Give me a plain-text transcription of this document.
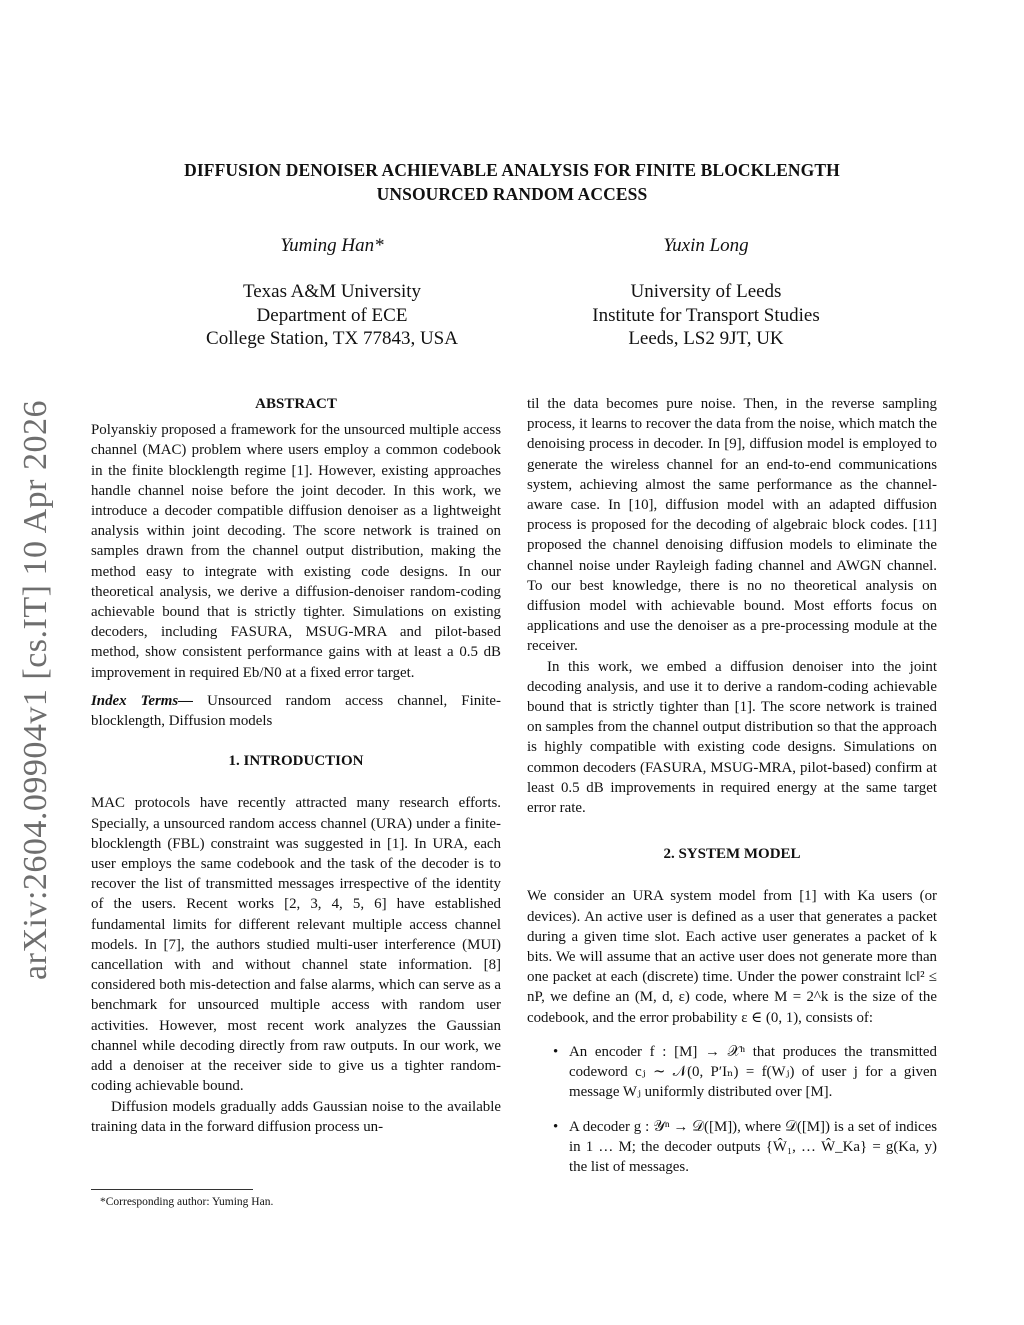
arXiv:2604.09904v1 [cs.IT] 10 Apr 2026
DIFFUSION DENOISER ACHIEVABLE ANALYSIS FOR FINITE BLOCKLENGTH
UNSOURCED RANDOM ACCESS
Yuming Han*
Texas A&M University
Department of ECE
College Station, TX 77843, USA
Yuxin Long
University of Leeds
Institute for Transport Studies
Leeds, LS2 9JT, UK
ABSTRACT

Polyanskiy proposed a framework for the unsourced multiple access channel (MAC) problem where users employ a common codebook in the finite blocklength regime [1]. However, existing approaches handle channel noise before the joint decoder. In this work, we introduce a decoder compatible diffusion denoiser as a lightweight analysis within joint decoding. The score network is trained on samples drawn from the channel output distribution, making the method easy to integrate with existing code designs. In our theoretical analysis, we derive a diffusion-denoiser random-coding achievable bound that is strictly tighter. Simulations on existing decoders, including FASURA, MSUG-MRA and pilot-based method, show consistent performance gains with at least a 0.5 dB improvement in required Eb/N0 at a fixed error target.

Index Terms— Unsourced random access channel, Finite-blocklength, Diffusion models

1. INTRODUCTION

MAC protocols have recently attracted many research efforts. Specially, a unsourced random access channel (URA) under a finite-blocklength (FBL) constraint was suggested in [1]. In URA, each user employs the same codebook and the task of the decoder is to recover the list of transmitted messages irrespective of the identity of the users. Recent works [2, 3, 4, 5, 6] have established fundamental limits for different relevant multiple access channel models. In [7], the authors studied multi-user interference (MUI) cancellation with and without channel state information. [8] considered both mis-detection and false alarms, which can serve as a benchmark for unsourced multiple access with random user activities. However, most recent work analyzes the Gaussian channel while decoding directly from raw outputs. In our work, we add a denoiser at the receiver side to give us a tighter random-coding achievable bound.

Diffusion models gradually adds Gaussian noise to the available training data in the forward diffusion process un-

til the data becomes pure noise. Then, in the reverse sampling process, it learns to recover the data from the noise, which match the denoising process in decoder. In [9], diffusion model is employed to generate the wireless channel for an end-to-end communications system, achieving almost the same performance as the channel-aware case. In [10], diffusion model with an adapted diffusion process is proposed for the decoding of algebraic block codes. [11] proposed the channel denoising diffusion models to eliminate the channel noise under Rayleigh fading channel and AWGN channel. To our best knowledge, there is no no theoretical analysis on diffusion model with achievable bound. Most efforts focus on applications and use the denoiser as a pre-processing module at the receiver.

In this work, we embed a diffusion denoiser into the joint decoding analysis, and use it to derive a random-coding achievable bound that is strictly tighter than [1]. The score network is trained on samples from the channel output distribution so that the approach is highly compatible with existing code designs. Simulations on common decoders (FASURA, MSUG-MRA, pilot-based) confirm at least 0.5 dB improvements in required energy at the same target error rate.

2. SYSTEM MODEL

We consider an URA system model from [1] with Ka users (or devices). An active user is defined as a user that generates a packet during a given time slot. Each active user generates a packet of k bits. We will assume that an active user does not generate more than one packet at each (discrete) time. Under the power constraint ‖c‖² ≤ nP, we define an (M, d, ε) code, where M = 2^k is the size of the codebook, and the error probability ε ∈ (0, 1), consists of:

• An encoder f : [M] → 𝒳ⁿ that produces the transmitted codeword cⱼ ∼ 𝒩(0, P′Iₙ) = f(Wⱼ) of user j for a given message Wⱼ uniformly distributed over [M].
• A decoder g : 𝒴ⁿ → 𝒟([M]), where 𝒟([M]) is a set of indices in 1 … M; the decoder outputs {Ŵ₁, … Ŵ_Ka} = g(Ka, y) the list of messages.
*Corresponding author: Yuming Han.
